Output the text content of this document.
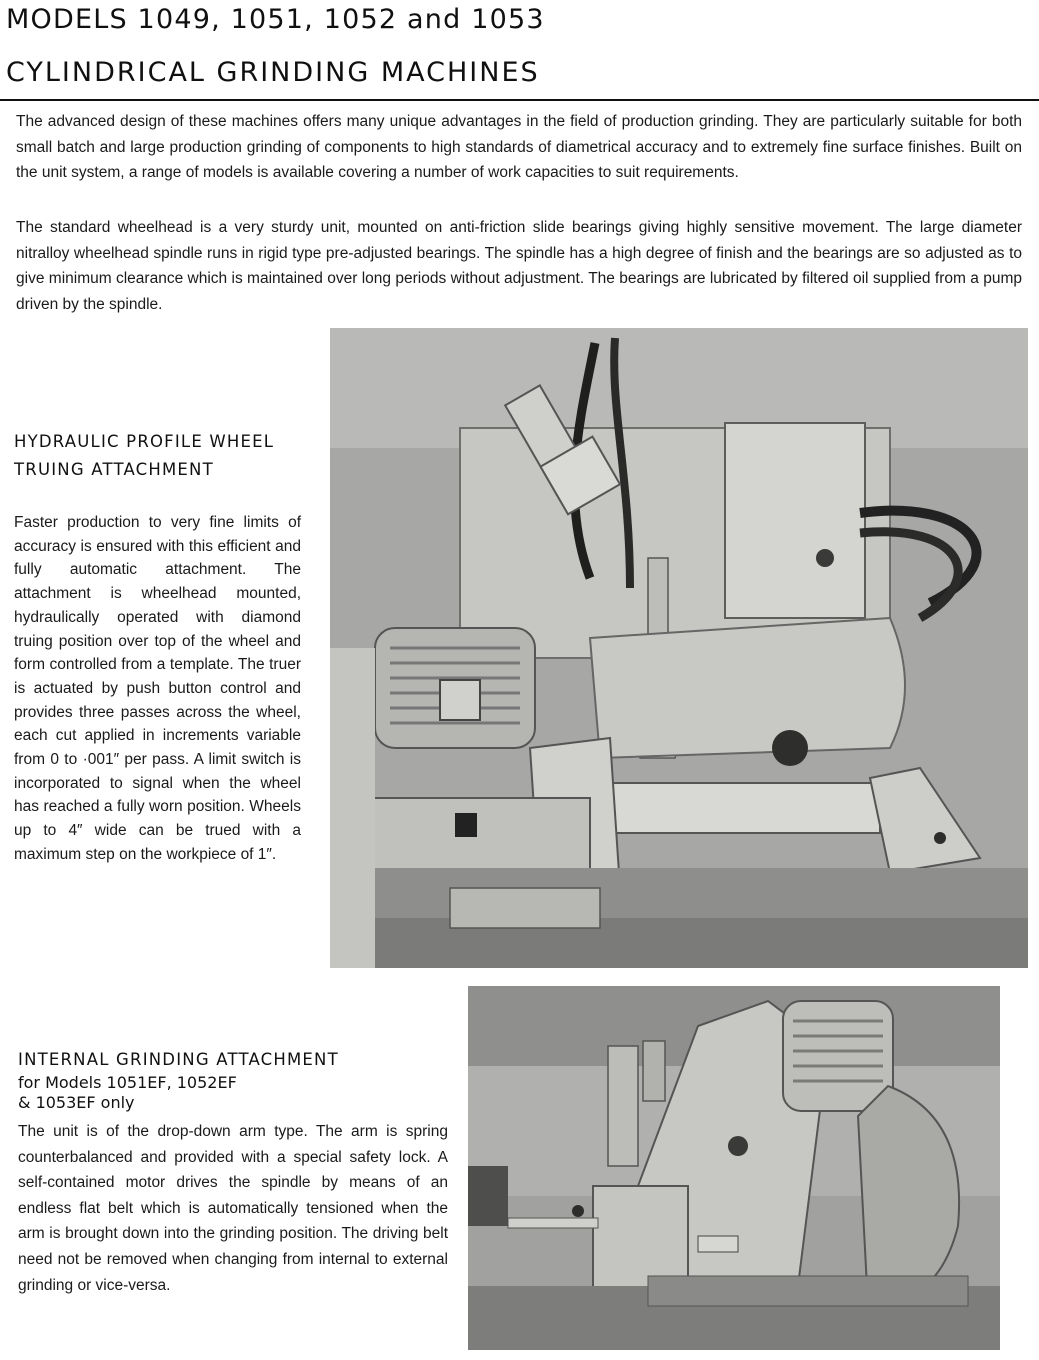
MODELS 1049, 1051, 1052 and 1053
CYLINDRICAL GRINDING MACHINES

The advanced design of these machines offers many unique advantages in the field of production grinding. They are particularly suitable for both small batch and large production grinding of components to high standards of diametrical accuracy and to extremely fine surface finishes. Built on the unit system, a range of models is available covering a number of work capacities to suit requirements.

The standard wheelhead is a very sturdy unit, mounted on anti-friction slide bearings giving highly sensitive movement. The large diameter nitralloy wheelhead spindle runs in rigid type pre-adjusted bearings. The spindle has a high degree of finish and the bearings are so adjusted as to give minimum clearance which is maintained over long periods without adjustment. The bearings are lubricated by filtered oil supplied from a pump driven by the spindle.

HYDRAULIC PROFILE WHEEL TRUING ATTACHMENT

Faster production to very fine limits of accuracy is ensured with this efficient and fully automatic attachment. The attachment is wheelhead mounted, hydraulically operated with diamond truing position over top of the wheel and form controlled from a template. The truer is actuated by push button control and provides three passes across the wheel, each cut applied in increments variable from 0 to ·001″ per pass. A limit switch is incorporated to signal when the wheel has reached a fully worn position. Wheels up to 4″ wide can be trued with a maximum step on the workpiece of 1″.

INTERNAL GRINDING ATTACHMENT

for Models 1051EF, 1052EF
& 1053EF only

The unit is of the drop-down arm type. The arm is spring counterbalanced and provided with a special safety lock. A self-contained motor drives the spindle by means of an endless flat belt which is automatically tensioned when the arm is brought down into the grinding position. The driving belt need not be removed when changing from internal to external grinding or vice-versa.
